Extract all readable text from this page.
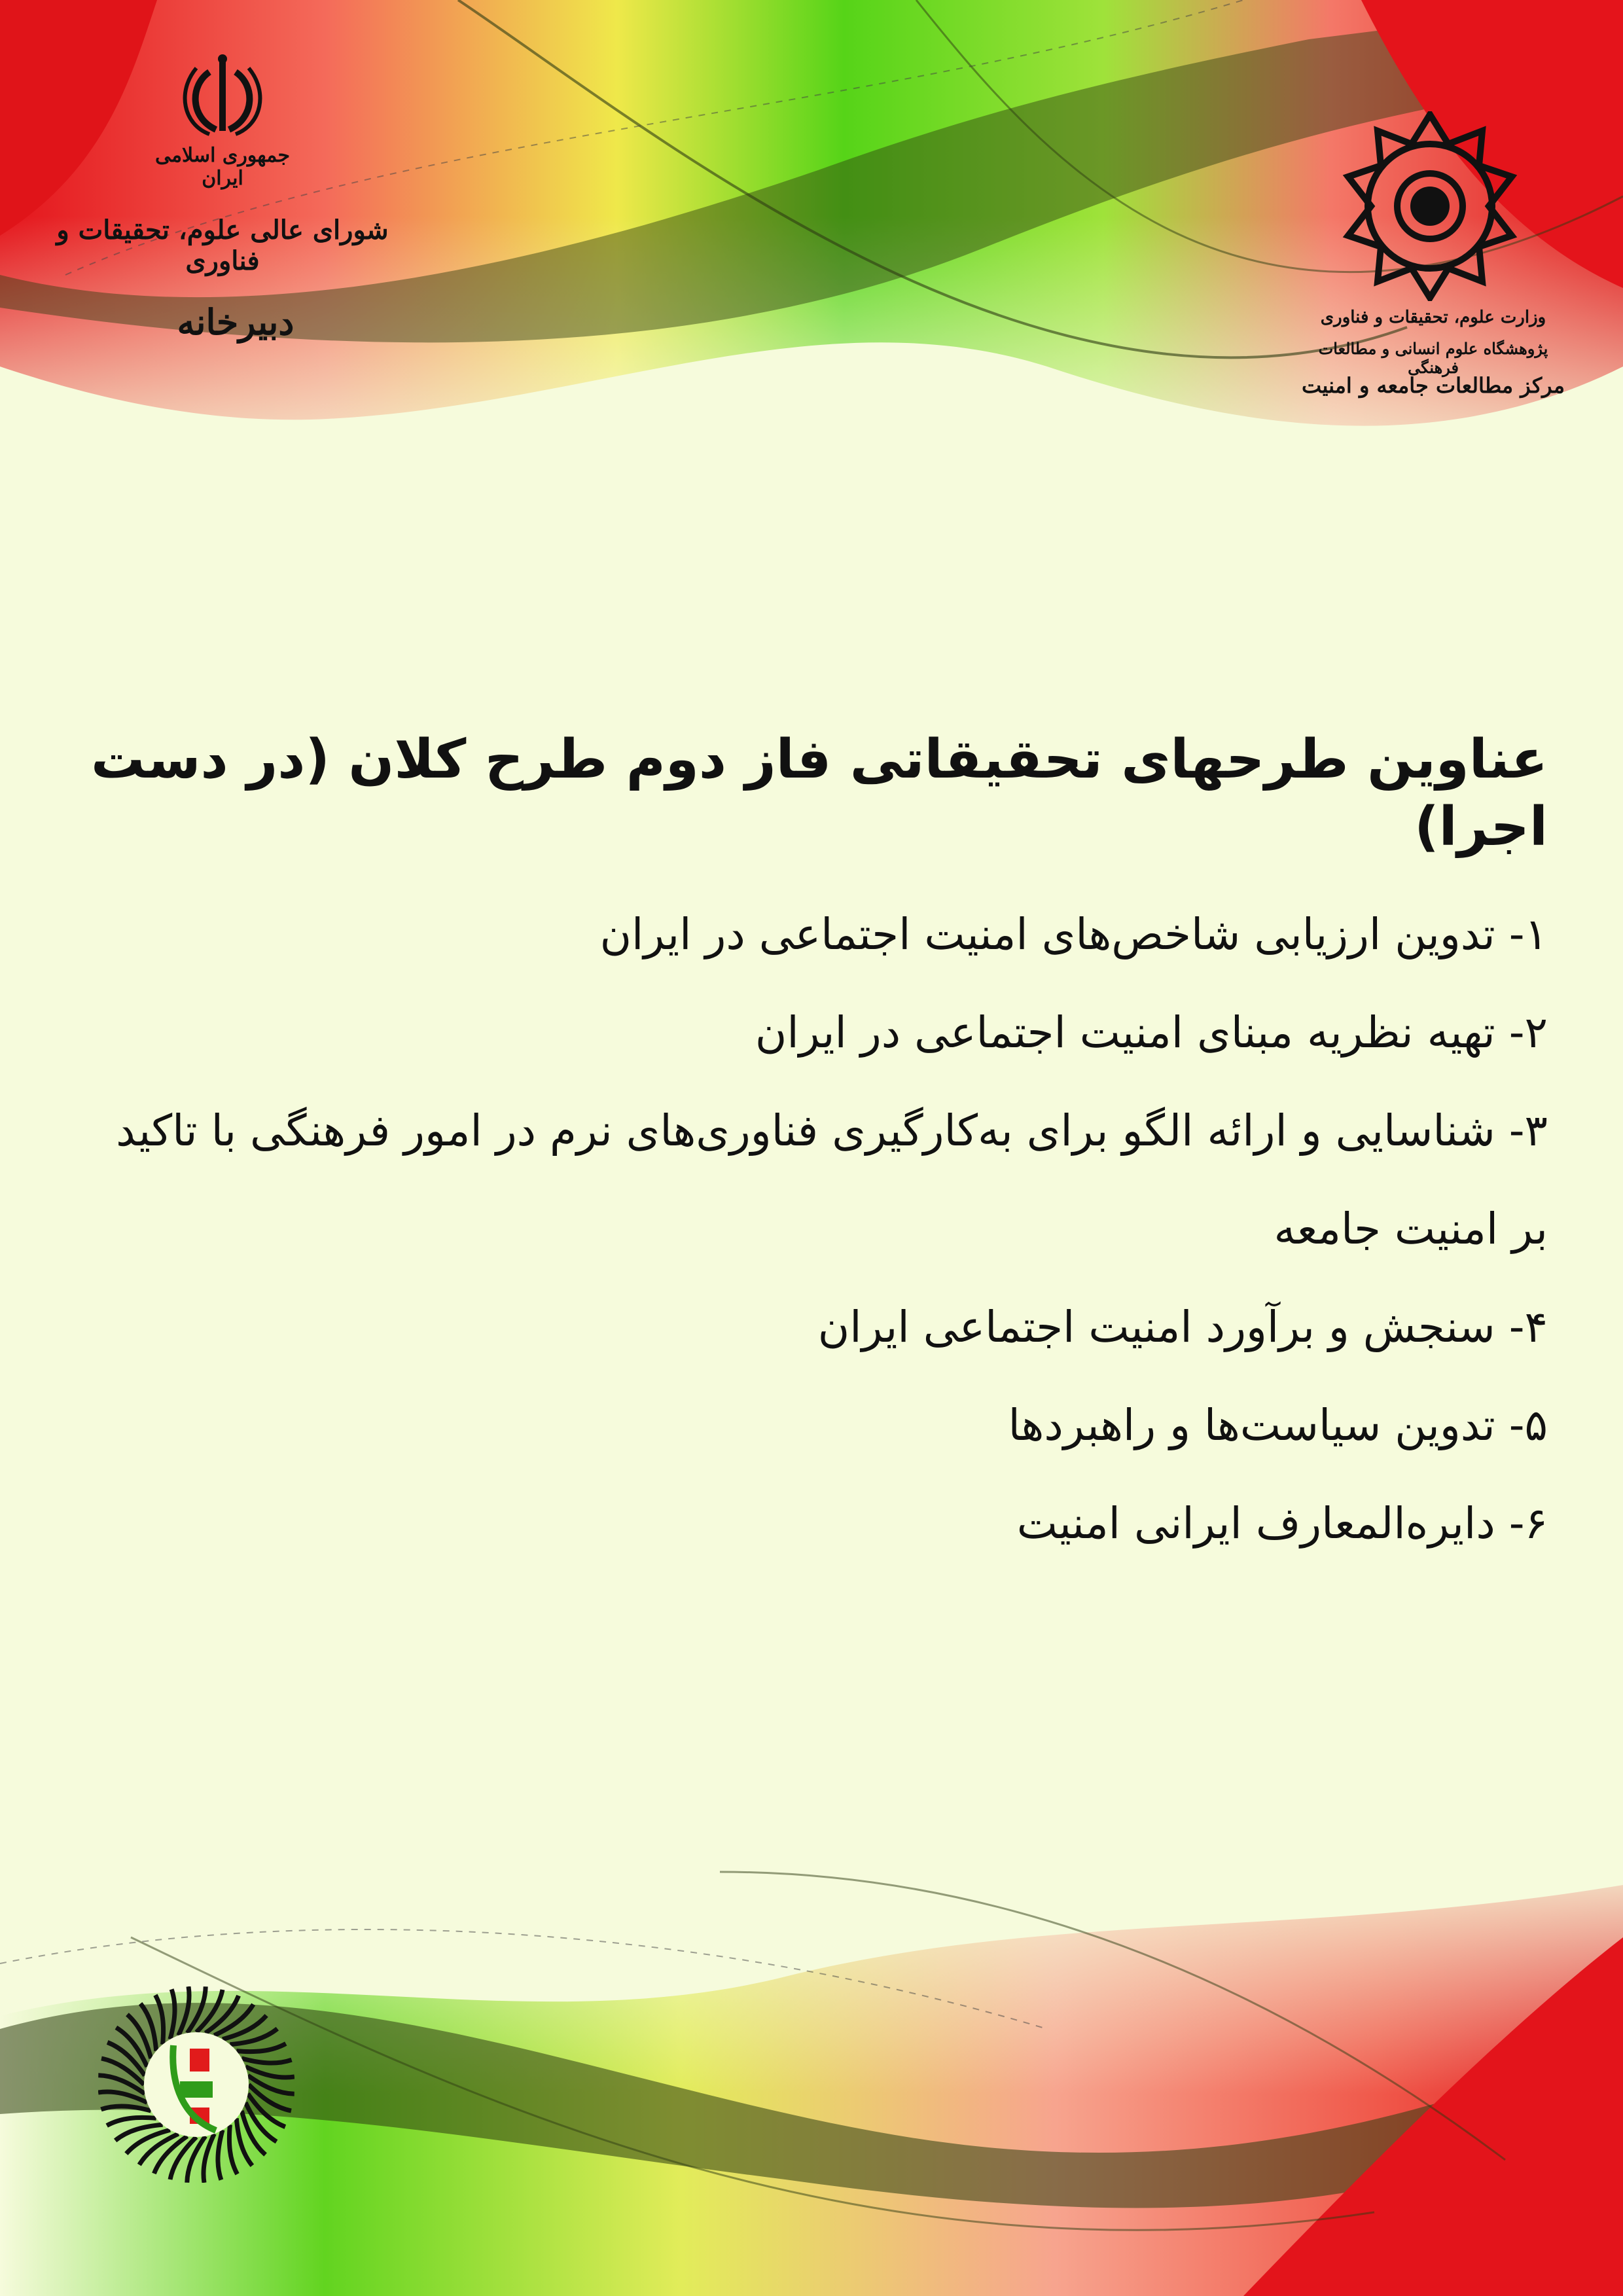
جمهوری اسلامی ایران
شورای عالی علوم، تحقیقات و فناوری
دبیرخانه	وزارت علوم، تحقیقات و فناوری
پژوهشگاه علوم انسانی و مطالعات فرهنگی
مرکز مطالعات جامعه و امنیت
عناوین طرحهای تحقیقاتی فاز دوم طرح کلان (در دست اجرا)
۱- تدوین ارزیابی شاخص‌های امنیت اجتماعی در ایران
۲- تهیه نظریه مبنای امنیت اجتماعی در ایران
۳- شناسایی و ارائه الگو برای به‌کارگیری فناوری‌های نرم در امور فرهنگی با تاکید بر امنیت جامعه
۴- سنجش و برآورد امنیت اجتماعی ایران
۵- تدوین سیاست‌ها و راهبردها
۶- دایره‌المعارف ایرانی امنیت
